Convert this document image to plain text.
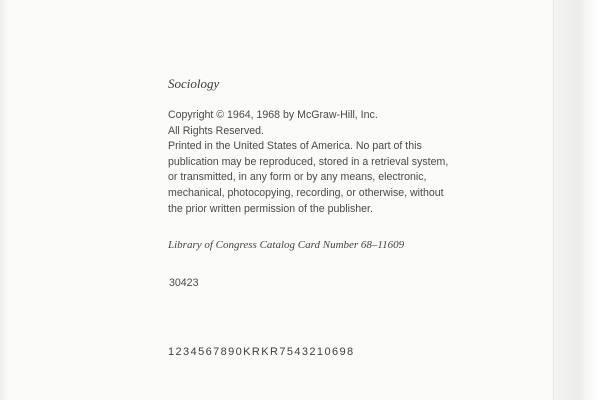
Sociology

Copyright © 1964, 1968 by McGraw-Hill, Inc.
All Rights Reserved.
Printed in the United States of America. No part of this
publication may be reproduced, stored in a retrieval system,
or transmitted, in any form or by any means, electronic,
mechanical, photocopying, recording, or otherwise, without
the prior written permission of the publisher.

Library of Congress Catalog Card Number 68–11609

30423

1234567890KRKR7543210698
